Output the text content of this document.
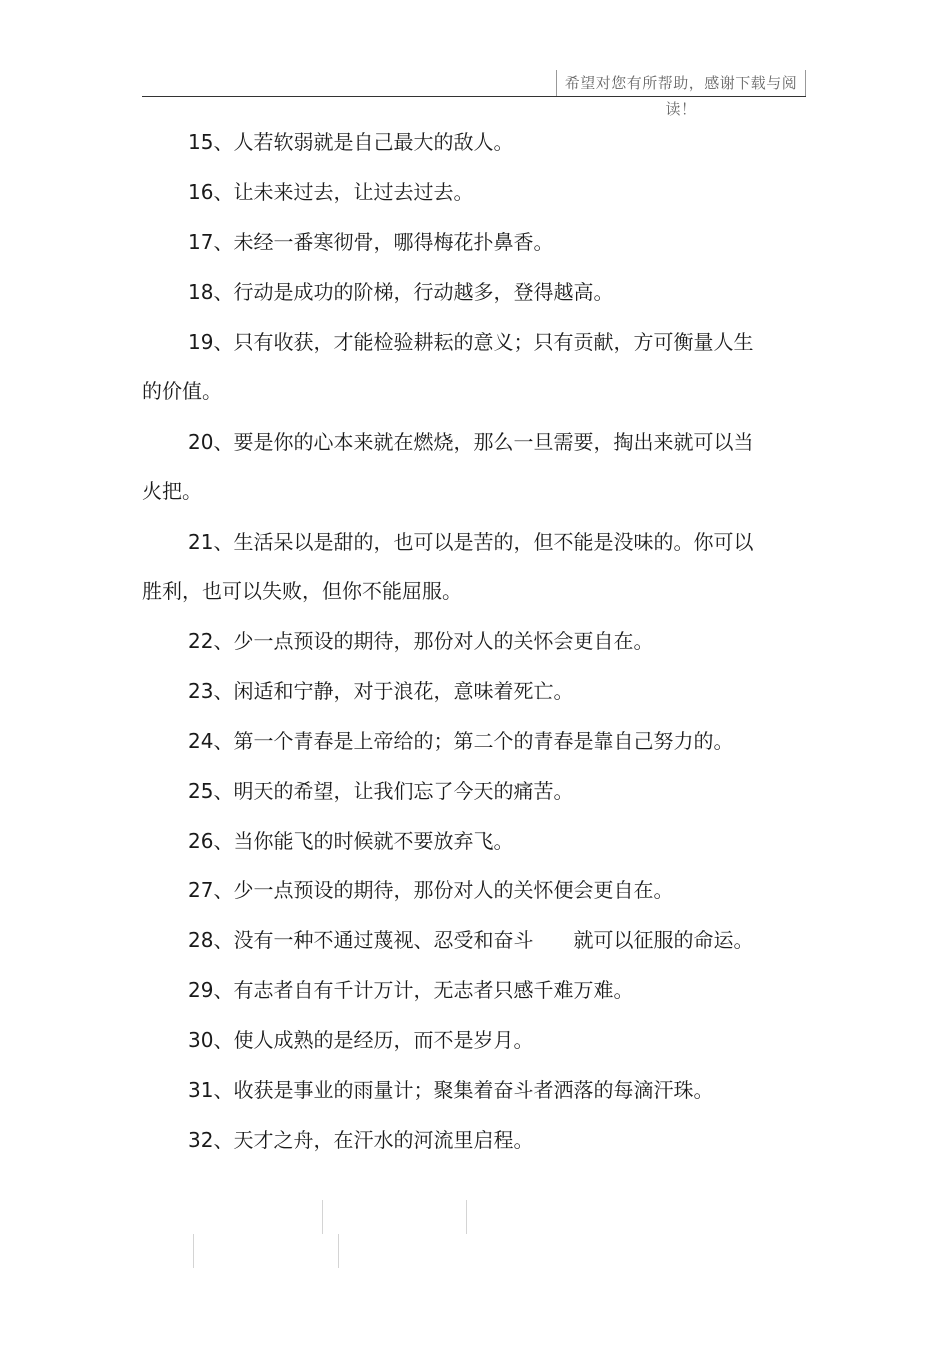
希望对您有所帮助，感谢下载与阅读！
15、人若软弱就是自己最大的敌人。
16、让未来过去，让过去过去。
17、未经一番寒彻骨，哪得梅花扑鼻香。
18、行动是成功的阶梯，行动越多，登得越高。
19、只有收获，才能检验耕耘的意义；只有贡献，方可衡量人生
的价值。
20、要是你的心本来就在燃烧，那么一旦需要，掏出来就可以当
火把。
21、生活呆以是甜的，也可以是苦的，但不能是没味的。你可以
胜利，也可以失败，但你不能屈服。
22、少一点预设的期待，那份对人的关怀会更自在。
23、闲适和宁静，对于浪花，意味着死亡。
24、第一个青春是上帝给的；第二个的青春是靠自己努力的。
25、明天的希望，让我们忘了今天的痛苦。
26、当你能飞的时候就不要放弃飞。
27、少一点预设的期待，那份对人的关怀便会更自在。
28、没有一种不通过蔑视、忍受和奋斗　　就可以征服的命运。
29、有志者自有千计万计，无志者只感千难万难。
30、使人成熟的是经历，而不是岁月。
31、收获是事业的雨量计；聚集着奋斗者洒落的每滴汗珠。
32、天才之舟，在汗水的河流里启程。
